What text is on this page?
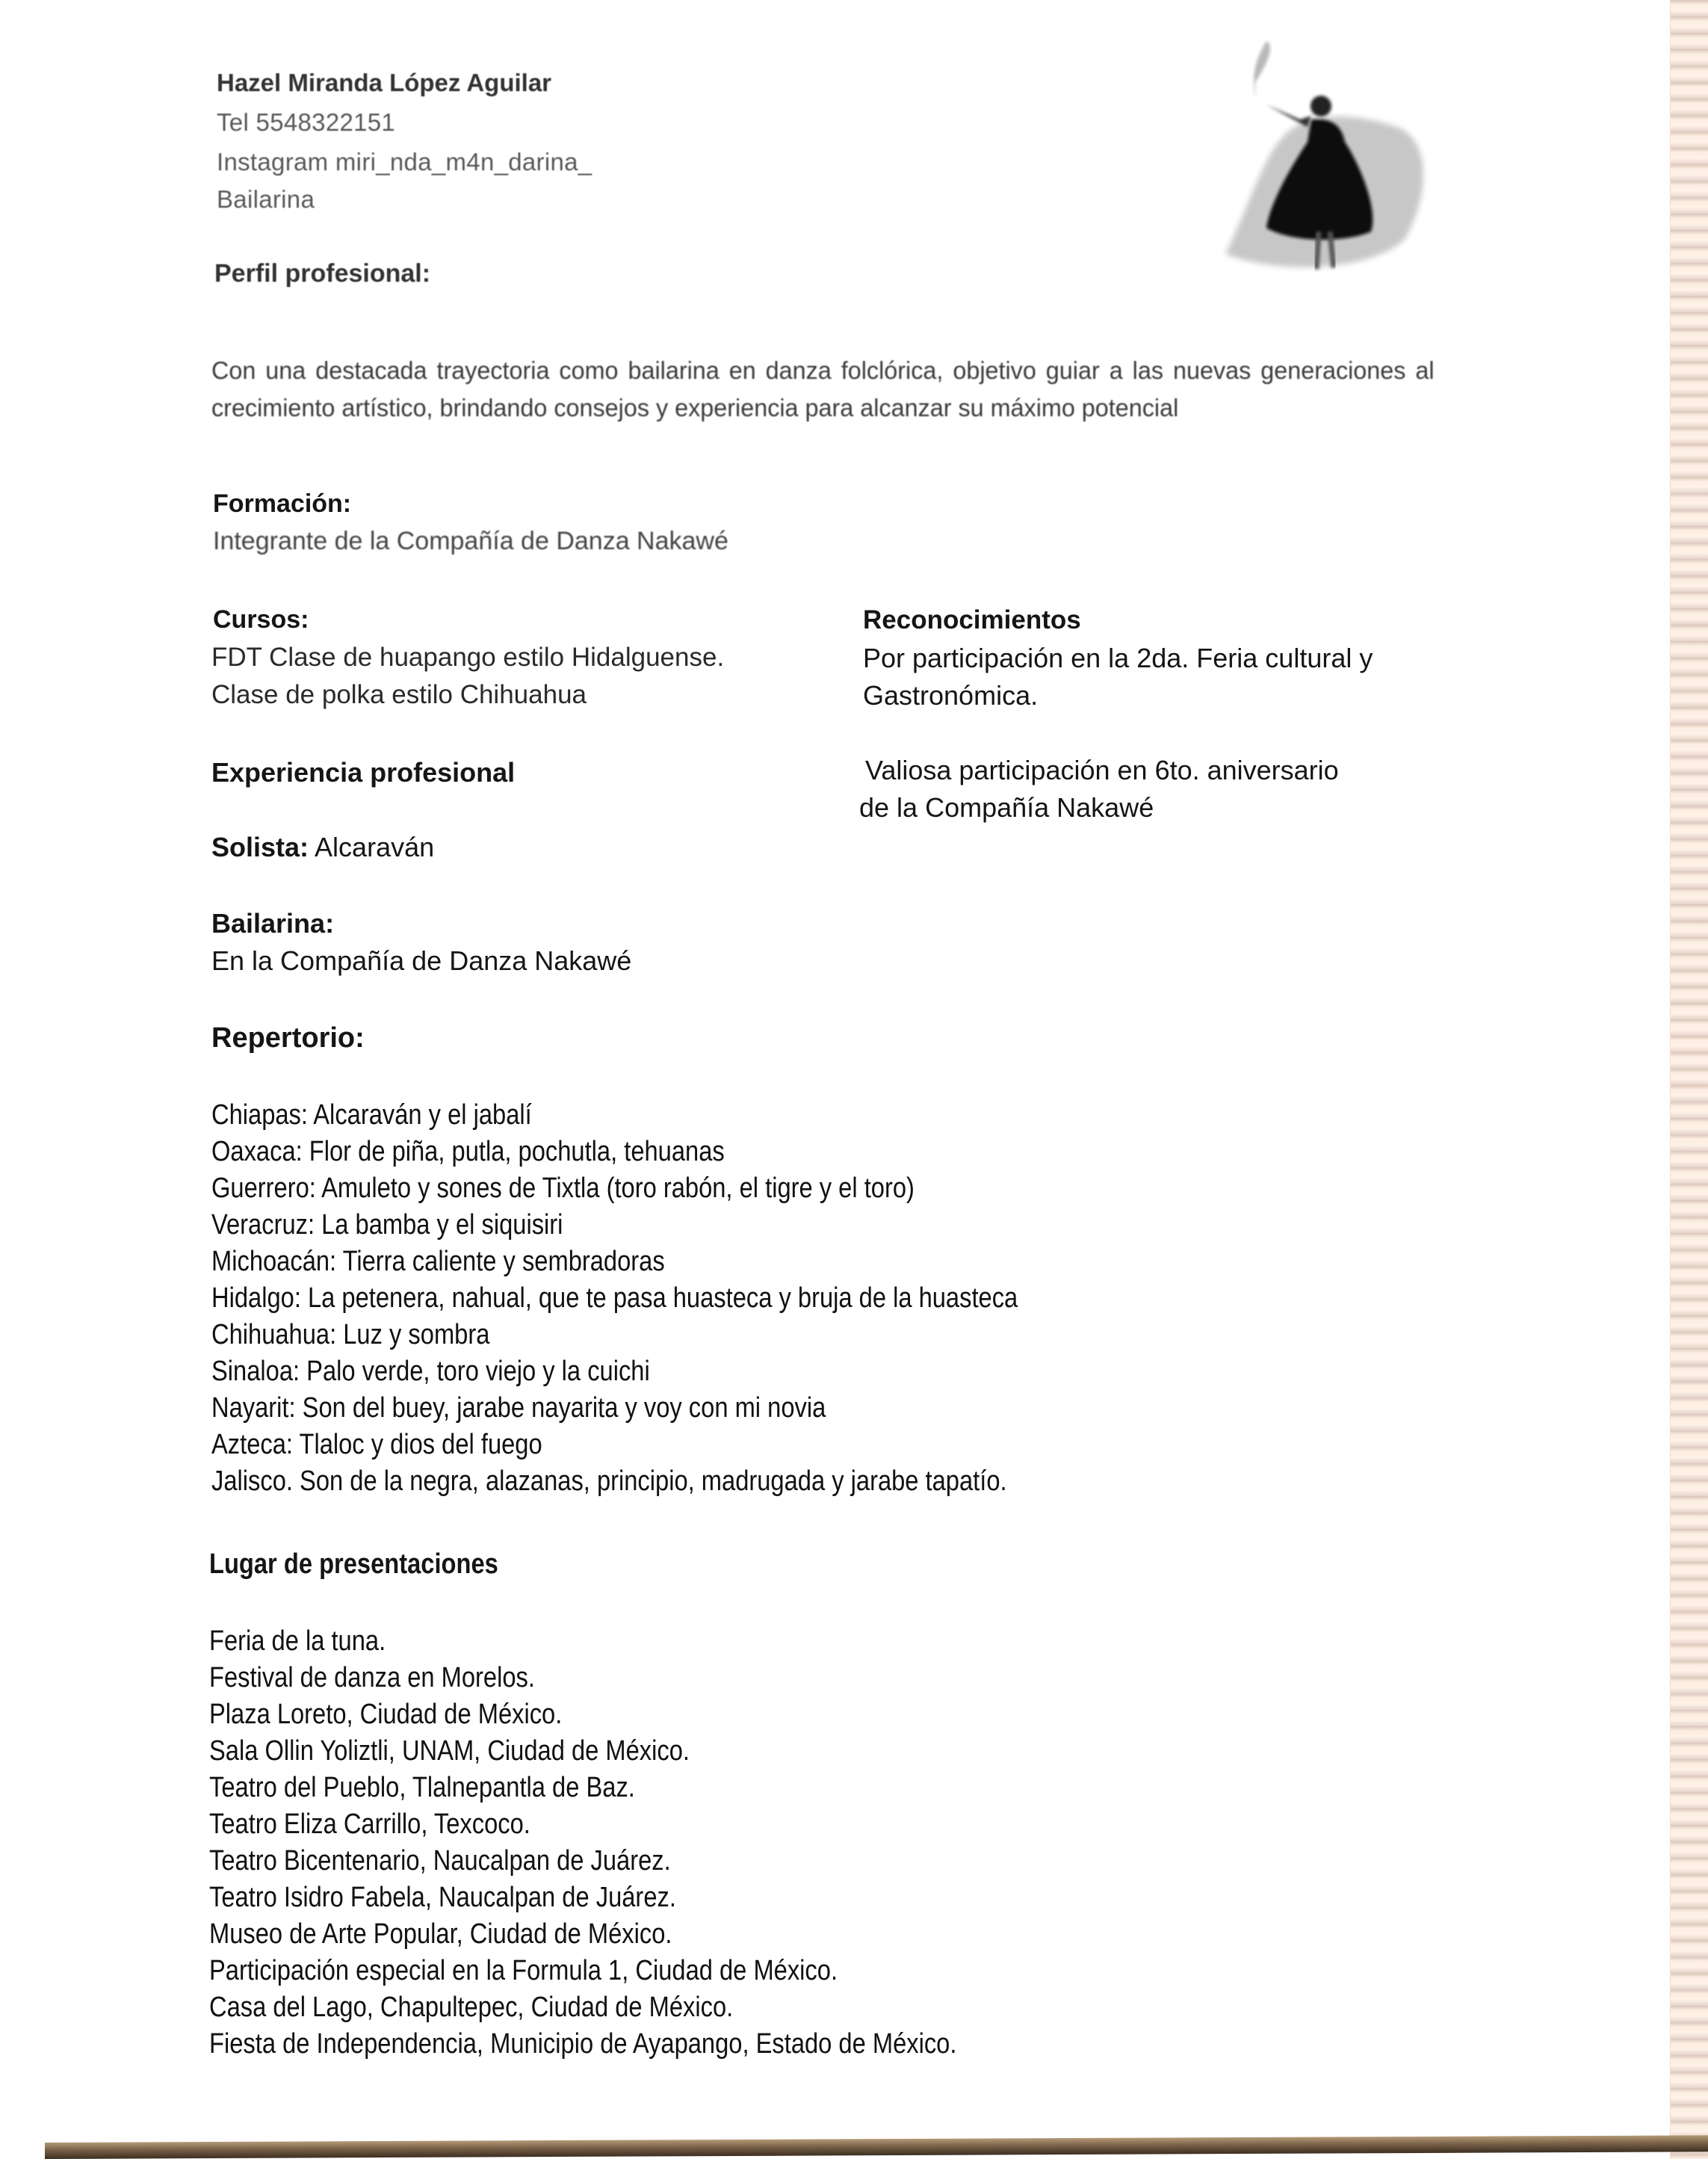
Hazel Miranda López Aguilar
Tel 5548322151
Instagram miri_nda_m4n_darina_
Bailarina
Perfil profesional:

Con una destacada trayectoria como bailarina en danza folclórica, objetivo guiar a las nuevas generaciones al crecimiento artístico, brindando consejos y experiencia para alcanzar su máximo potencial

Formación:
Integrante de la Compañía de Danza Nakawé
Cursos:
FDT Clase de huapango estilo Hidalguense.
Clase de polka estilo Chihuahua
Reconocimientos
Por participación en la 2da. Feria cultural y
Gastronómica.
Valiosa participación en 6to. aniversario
de la Compañía Nakawé
Experiencia profesional
Solista: Alcaraván
Bailarina:
En la Compañía de Danza Nakawé
Repertorio:
Chiapas: Alcaraván y el jabalí
Oaxaca: Flor de piña, putla, pochutla, tehuanas
Guerrero: Amuleto y sones de Tixtla (toro rabón, el tigre y el toro)
Veracruz: La bamba y el siquisiri
Michoacán: Tierra caliente y sembradoras
Hidalgo: La petenera, nahual, que te pasa huasteca y bruja de la huasteca
Chihuahua: Luz y sombra
Sinaloa: Palo verde, toro viejo y la cuichi
Nayarit: Son del buey, jarabe nayarita y voy con mi novia
Azteca: Tlaloc y dios del fuego
Jalisco. Son de la negra, alazanas, principio, madrugada y jarabe tapatío.
Lugar de presentaciones
Feria de la tuna.
Festival de danza en Morelos.
Plaza Loreto, Ciudad de México.
Sala Ollin Yoliztli, UNAM, Ciudad de México.
Teatro del Pueblo, Tlalnepantla de Baz.
Teatro Eliza Carrillo, Texcoco.
Teatro Bicentenario, Naucalpan de Juárez.
Teatro Isidro Fabela, Naucalpan de Juárez.
Museo de Arte Popular, Ciudad de México.
Participación especial en la Formula 1, Ciudad de México.
Casa del Lago, Chapultepec, Ciudad de México.
Fiesta de Independencia, Municipio de Ayapango, Estado de México.
